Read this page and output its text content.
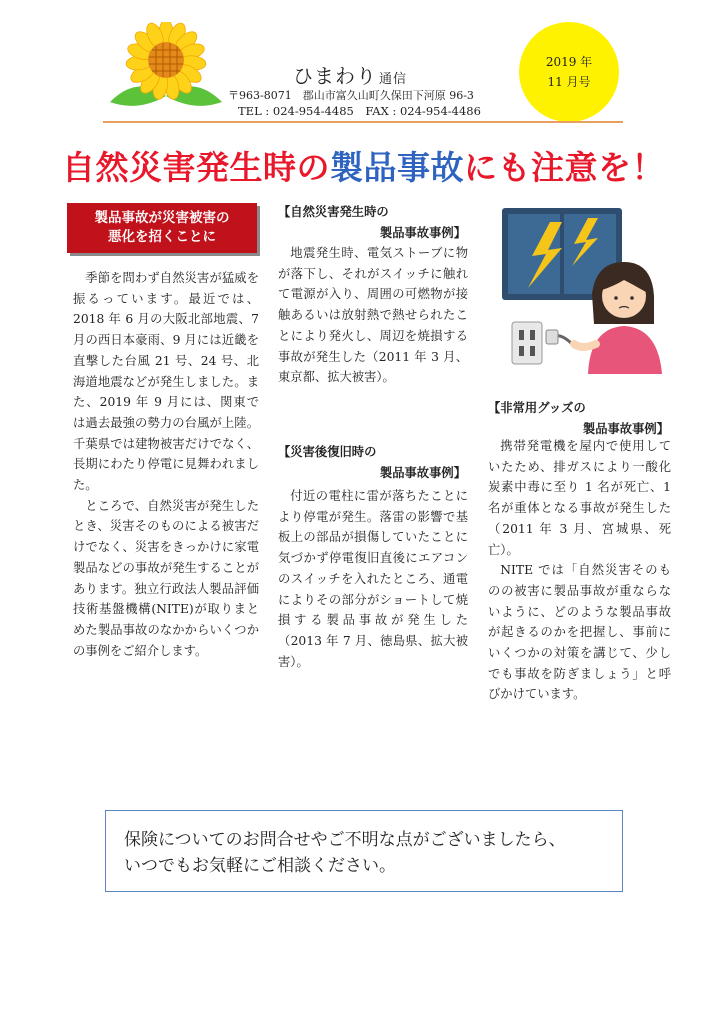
ひまわり 通信
〒963-8071　郡山市富久山町久保田下河原 96-3
TEL : 024-954-4485　FAX : 024-954-4486
2019 年
11 月号
自然災害発生時の製品事故にも注意を！
製品事故が災害被害の
悪化を招くことに

季節を問わず自然災害が猛威を振るっています。最近では、2018 年 6 月の大阪北部地震、7 月の西日本豪雨、9 月には近畿を直撃した台風 21 号、24 号、北海道地震などが発生しました。また、2019 年 9 月には、関東では過去最強の勢力の台風が上陸。千葉県では建物被害だけでなく、長期にわたり停電に見舞われました。

ところで、自然災害が発生したとき、災害そのものによる被害だけでなく、災害をきっかけに家電製品などの事故が発生することがあります。独立行政法人製品評価技術基盤機構(NITE)が取りまとめた製品事故のなかからいくつかの事例をご紹介します。

【自然災害発生時の
製品事故事例】

地震発生時、電気ストーブに物が落下し、それがスイッチに触れて電源が入り、周囲の可燃物が接触あるいは放射熱で熱せられたことにより発火し、周辺を焼損する事故が発生した（2011 年 3 月、東京都、拡大被害）。

【災害後復旧時の
製品事故事例】

付近の電柱に雷が落ちたことにより停電が発生。落雷の影響で基板上の部品が損傷していたことに気づかず停電復旧直後にエアコンのスイッチを入れたところ、通電によりその部分がショートして焼損する製品事故が発生した（2013 年 7 月、徳島県、拡大被害）。

【非常用グッズの
製品事故事例】

携帯発電機を屋内で使用していたため、排ガスにより一酸化炭素中毒に至り 1 名が死亡、1 名が重体となる事故が発生した（2011 年 3 月、宮城県、死亡）。

NITE では「自然災害そのものの被害に製品事故が重ならないように、どのような製品事故が起きるのかを把握し、事前にいくつかの対策を講じて、少しでも事故を防ぎましょう」と呼びかけています。

保険についてのお問合せやご不明な点がございましたら、
いつでもお気軽にご相談ください。
